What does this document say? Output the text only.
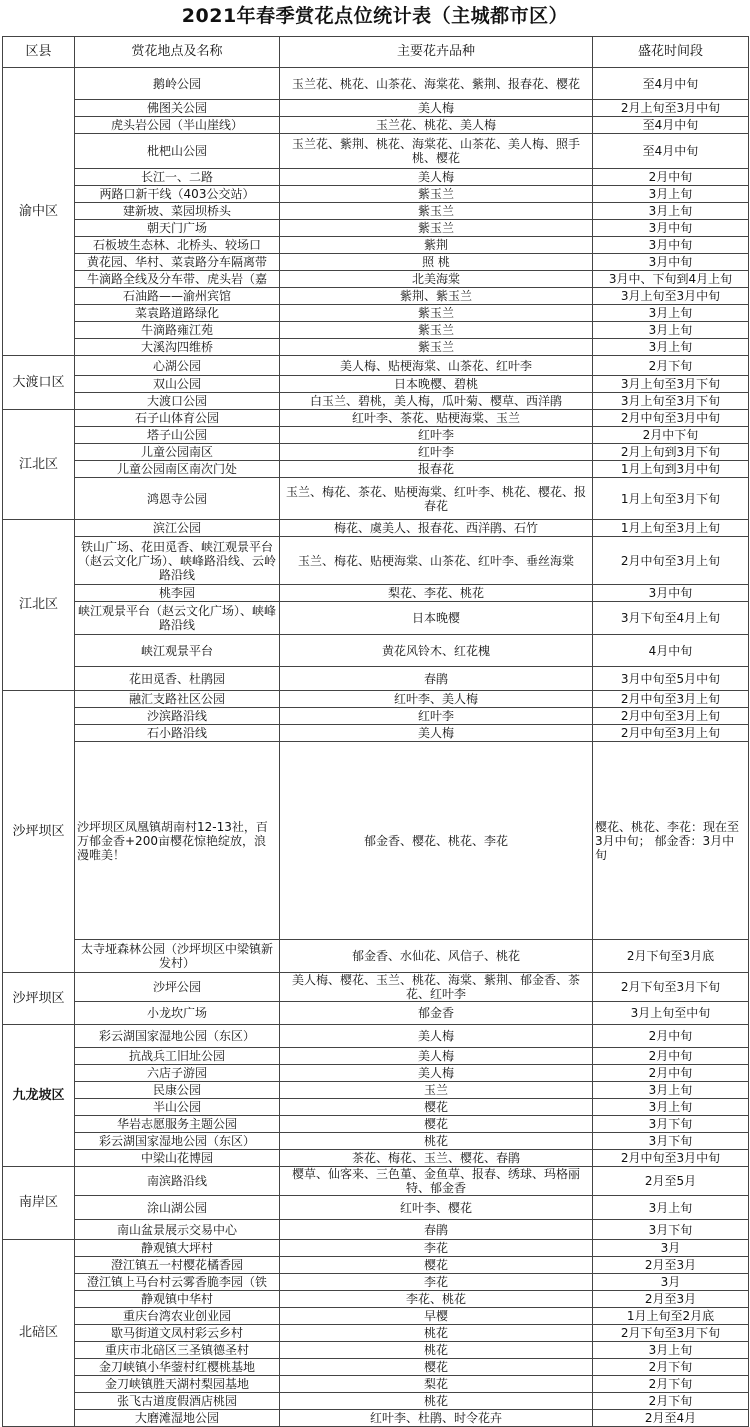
2021年春季赏花点位统计表（主城都市区）
区县	赏花地点及名称	主要花卉品种	盛花时间段
渝中区	鹅岭公园	玉兰花、桃花、山茶花、海棠花、紫荆、报春花、樱花	至4月中旬
	佛图关公园	美人梅	2月上旬至3月中旬
	虎头岩公园（半山崖线）	玉兰花、桃花、美人梅	至4月中旬
	枇杷山公园	玉兰花、紫荆、桃花、海棠花、山茶花、美人梅、照手桃、樱花	至4月中旬
	长江一、二路	美人梅	2月中旬
	两路口新干线（403公交站）	紫玉兰	3月上旬
	建新坡、菜园坝桥头	紫玉兰	3月上旬
	朝天门广场	紫玉兰	3月中旬
	石板坡生态林、北桥头、较场口	紫荆	3月中旬
	黄花园、华村、菜袁路分车隔离带	照 桃	3月中旬
	牛滴路全线及分车带、虎头岩（嘉	北美海棠	3月中、下旬到4月上旬
	石油路——渝州宾馆	紫荆、紫玉兰	3月上旬至3月中旬
	菜袁路道路绿化	紫玉兰	3月上旬
	牛滴路雍江苑	紫玉兰	3月上旬
	大溪沟四维桥	紫玉兰	3月上旬
大渡口区	心湖公园	美人梅、贴梗海棠、山茶花、红叶李	2月下旬
	双山公园	日本晚樱、碧桃	3月上旬至3月下旬
	大渡口公园	白玉兰、碧桃，美人梅，瓜叶菊、樱草、西洋鹃	3月上旬至3月下旬
江北区	石子山体育公园	红叶李、茶花、贴梗海棠、玉兰	2月中旬至3月中旬
	塔子山公园	红叶李	2月中下旬
	儿童公园南区	红叶李	2月上旬到3月下旬
	儿童公园南区南次门处	报春花	1月上旬到3月中旬
	鸿恩寺公园	玉兰、梅花、茶花、贴梗海棠、红叶李、桃花、樱花、报春花	1月上旬至3月下旬
江北区	滨江公园	梅花、虞美人、报春花、西洋鹃、石竹	1月上旬至3月上旬
	铁山广场、花田觅香、峡江观景平台（赵云文化广场）、峡峰路沿线、云岭路沿线	玉兰、梅花、贴梗海棠、山茶花、红叶李、垂丝海棠	2月中旬至3月上旬
	桃李园	梨花、李花、桃花	3月中旬
	峡江观景平台（赵云文化广场）、峡峰路沿线	日本晚樱	3月下旬至4月上旬
	峡江观景平台	黄花风铃木、红花槐	4月中旬
	花田觅香、杜鹃园	春鹃	3月中旬至5月中旬
沙坪坝区	融汇支路社区公园	红叶李、美人梅	2月中旬至3月上旬
	沙滨路沿线	红叶李	2月中旬至3月上旬
	石小路沿线	美人梅	2月中旬至3月上旬
	沙坪坝区凤凰镇胡南村12-13社，百万郁金香+200亩樱花惊艳绽放，浪漫唯美！	郁金香、樱花、桃花、李花	樱花、桃花、李花：现在至3月中旬； 郁金香：3月中旬
	太寺垭森林公园（沙坪坝区中梁镇新发村）	郁金香、水仙花、风信子、桃花	2月下旬至3月底
沙坪坝区	沙坪公园	美人梅、樱花、玉兰、桃花、海棠、紫荆、郁金香、茶花、红叶李	2月下旬至3月下旬
	小龙坎广场	郁金香	3月上旬至中旬
九龙坡区	彩云湖国家湿地公园（东区）	美人梅	2月中旬
	抗战兵工旧址公园	美人梅	2月中旬
	六店子游园	美人梅	2月中旬
	民康公园	玉兰	3月上旬
	半山公园	樱花	3月上旬
	华岩志愿服务主题公园	樱花	3月下旬
	彩云湖国家湿地公园（东区）	桃花	3月下旬
	中梁山花博园	茶花、梅花、玉兰、樱花、春鹃	2月中旬至3月中旬
南岸区	南滨路沿线	樱草、仙客来、三色堇、金鱼草、报春、绣球、玛格丽特、郁金香	2月至5月
	涂山湖公园	红叶李、樱花	3月上旬
	南山盆景展示交易中心	春鹃	3月下旬
北碚区	静观镇大坪村	李花	3月
	澄江镇五一村樱花橘香园	樱花	2月至3月
	澄江镇上马台村云雾香脆李园（铁	李花	3月
	静观镇中华村	李花、桃花	2月至3月
	重庆台湾农业创业园	早樱	1月上旬至2月底
	歇马街道文凤村彩云乡村	桃花	2月下旬至3月下旬
	重庆市北碚区三圣镇德圣村	桃花	3月上旬
	金刀峡镇小华蓥村红樱桃基地	樱花	2月下旬
	金刀峡镇胜天湖村梨园基地	梨花	2月下旬
	张飞古道度假酒店桃园	桃花	2月下旬
	大磨滩湿地公园	红叶李、杜鹃、时令花卉	2月至4月
